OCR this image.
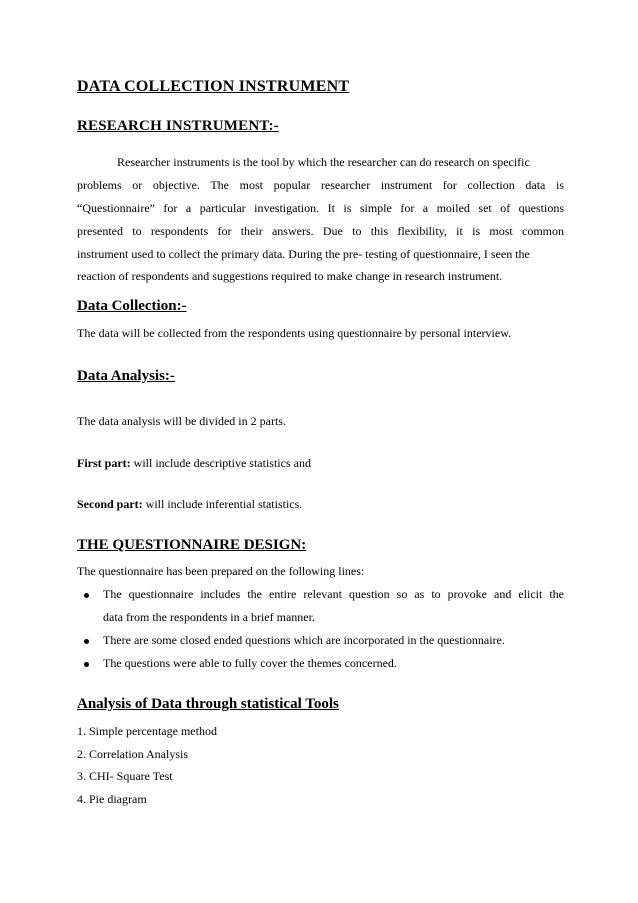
DATA COLLECTION INSTRUMENT
RESEARCH INSTRUMENT:-
Researcher instruments is the tool by which the researcher can do research on specific
problems or objective. The most popular researcher instrument for collection data is
“Questionnaire” for a particular investigation. It is simple for a moiled set of questions
presented to respondents for their answers. Due to this flexibility, it is most common
instrument used to collect the primary data. During the pre- testing of questionnaire, I seen the
reaction of respondents and suggestions required to make change in research instrument.
Data Collection:-
The data will be collected from the respondents using questionnaire by personal interview.
Data Analysis:-
The data analysis will be divided in 2 parts.
First part: will include descriptive statistics and
Second part: will include inferential statistics.
THE QUESTIONNAIRE DESIGN:
The questionnaire has been prepared on the following lines:
The questionnaire includes the entire relevant question so as to provoke and elicit the
data from the respondents in a brief manner.
There are some closed ended questions which are incorporated in the questionnaire.
The questions were able to fully cover the themes concerned.
Analysis of Data through statistical Tools
1. Simple percentage method
2. Correlation Analysis
3. CHI- Square Test
4. Pie diagram
